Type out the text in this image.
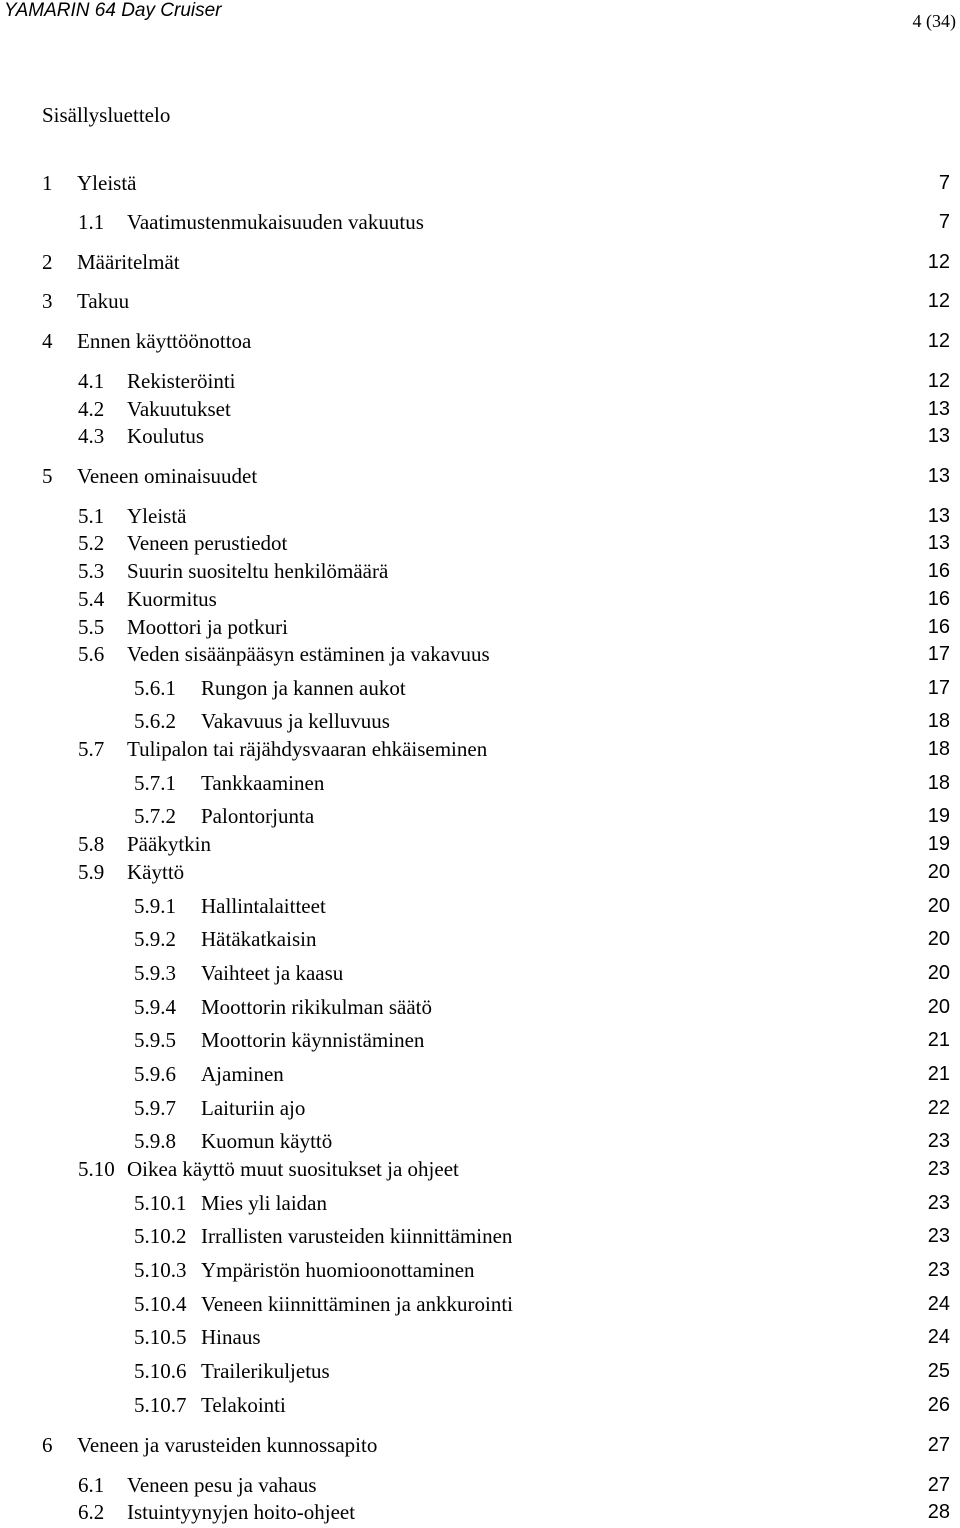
YAMARIN 64 Day Cruiser	4 (34)
Sisällysluettelo
1 Yleistä	7
1.1 Vaatimustenmukaisuuden vakuutus	7
2 Määritelmät	12
3 Takuu	12
4 Ennen käyttöönottoa	12
4.1 Rekisteröinti	12
4.2 Vakuutukset	13
4.3 Koulutus	13
5 Veneen ominaisuudet	13
5.1 Yleistä	13
5.2 Veneen perustiedot	13
5.3 Suurin suositeltu henkilömäärä	16
5.4 Kuormitus	16
5.5 Moottori ja potkuri	16
5.6 Veden sisäänpääsyn estäminen ja vakavuus	17
5.6.1 Rungon ja kannen aukot	17
5.6.2 Vakavuus ja kelluvuus	18
5.7 Tulipalon tai räjähdysvaaran ehkäiseminen	18
5.7.1 Tankkaaminen	18
5.7.2 Palontorjunta	19
5.8 Pääkytkin	19
5.9 Käyttö	20
5.9.1 Hallintalaitteet	20
5.9.2 Hätäkatkaisin	20
5.9.3 Vaihteet ja kaasu	20
5.9.4 Moottorin rikikulman säätö	20
5.9.5 Moottorin käynnistäminen	21
5.9.6 Ajaminen	21
5.9.7 Laituriin ajo	22
5.9.8 Kuomun käyttö	23
5.10 Oikea käyttö muut suositukset ja ohjeet	23
5.10.1 Mies yli laidan	23
5.10.2 Irrallisten varusteiden kiinnittäminen	23
5.10.3 Ympäristön huomioonottaminen	23
5.10.4 Veneen kiinnittäminen ja ankkurointi	24
5.10.5 Hinaus	24
5.10.6 Trailerikuljetus	25
5.10.7 Telakointi	26
6 Veneen ja varusteiden kunnossapito	27
6.1 Veneen pesu ja vahaus	27
6.2 Istuintyynyjen hoito-ohjeet	28
